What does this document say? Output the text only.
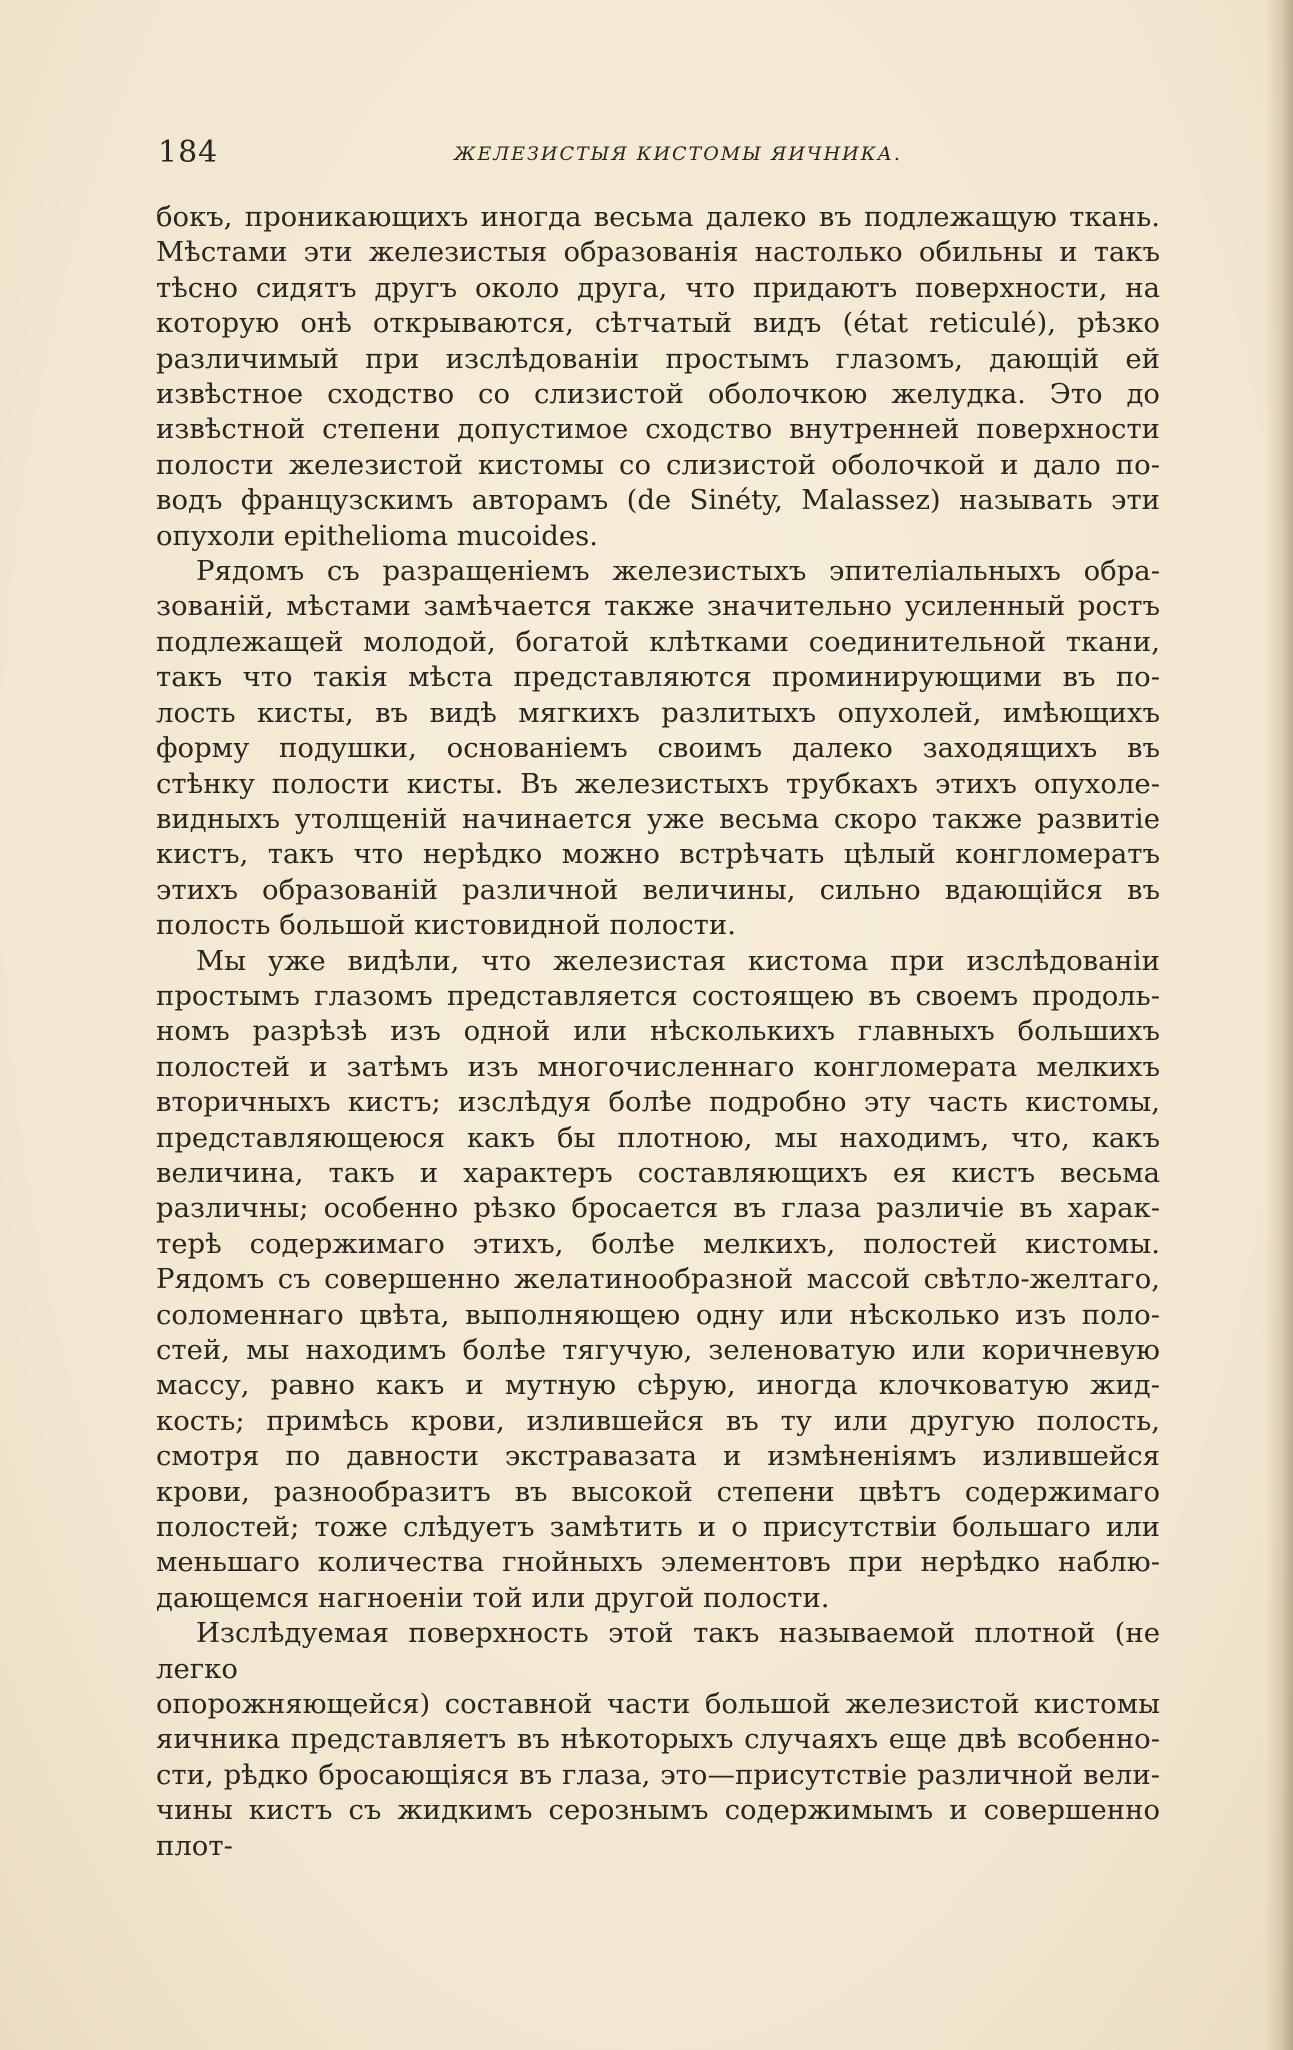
184	ЖЕЛЕЗИСТЫЯ КИСТОМЫ ЯИЧНИКА.

бокъ, проникающихъ иногда весьма далеко въ подлежащую ткань.

Мѣстами эти железистыя образованія настолько обильны и такъ

тѣсно сидятъ другъ около друга, что придаютъ поверхности, на

которую онѣ открываются, сѣтчатый видъ (état reticulé), рѣзко

различимый при изслѣдованіи простымъ глазомъ, дающій ей

извѣстное сходство со слизистой оболочкою желудка. Это до

извѣстной степени допустимое сходство внутренней поверхности

полости железистой кистомы со слизистой оболочкой и дало по-

водъ французскимъ авторамъ (de Sinéty, Malassez) называть эти

опухоли epithelioma mucoides.

Рядомъ съ разращеніемъ железистыхъ эпителіальныхъ обра-

зованій, мѣстами замѣчается также значительно усиленный ростъ

подлежащей молодой, богатой клѣтками соединительной ткани,

такъ что такія мѣста представляются проминирующими въ по-

лость кисты, въ видѣ мягкихъ разлитыхъ опухолей, имѣющихъ

форму подушки, основаніемъ своимъ далеко заходящихъ въ

стѣнку полости кисты. Въ железистыхъ трубкахъ этихъ опухоле-

видныхъ утолщеній начинается уже весьма скоро также развитіе

кистъ, такъ что нерѣдко можно встрѣчать цѣлый конгломератъ

этихъ образованій различной величины, сильно вдающійся въ

полость большой кистовидной полости.

Мы уже видѣли, что железистая кистома при изслѣдованіи

простымъ глазомъ представляется состоящею въ своемъ продоль-

номъ разрѣзѣ изъ одной или нѣсколькихъ главныхъ большихъ

полостей и затѣмъ изъ многочисленнаго конгломерата мелкихъ

вторичныхъ кистъ; изслѣдуя болѣе подробно эту часть кистомы,

представляющеюся какъ бы плотною, мы находимъ, что, какъ

величина, такъ и характеръ составляющихъ ея кистъ весьма

различны; особенно рѣзко бросается въ глаза различіе въ харак-

терѣ содержимаго этихъ, болѣе мелкихъ, полостей кистомы.

Рядомъ съ совершенно желатинообразной массой свѣтло-желтаго,

соломеннаго цвѣта, выполняющею одну или нѣсколько изъ поло-

стей, мы находимъ болѣе тягучую, зеленоватую или коричневую

массу, равно какъ и мутную сѣрую, иногда клочковатую жид-

кость; примѣсь крови, излившейся въ ту или другую полость,

смотря по давности экстравазата и измѣненіямъ излившейся

крови, разнообразитъ въ высокой степени цвѣтъ содержимаго

полостей; тоже слѣдуетъ замѣтить и о присутствіи большаго или

меньшаго количества гнойныхъ элементовъ при нерѣдко наблю-

дающемся нагноеніи той или другой полости.

Изслѣдуемая поверхность этой такъ называемой плотной (не легко

опорожняющейся) составной части большой железистой кистомы

яичника представляетъ въ нѣкоторыхъ случаяхъ еще двѣ всобенно-

сти, рѣдко бросающіяся въ глаза, это—присутствіе различной вели-

чины кистъ съ жидкимъ серознымъ содержимымъ и совершенно плот-
